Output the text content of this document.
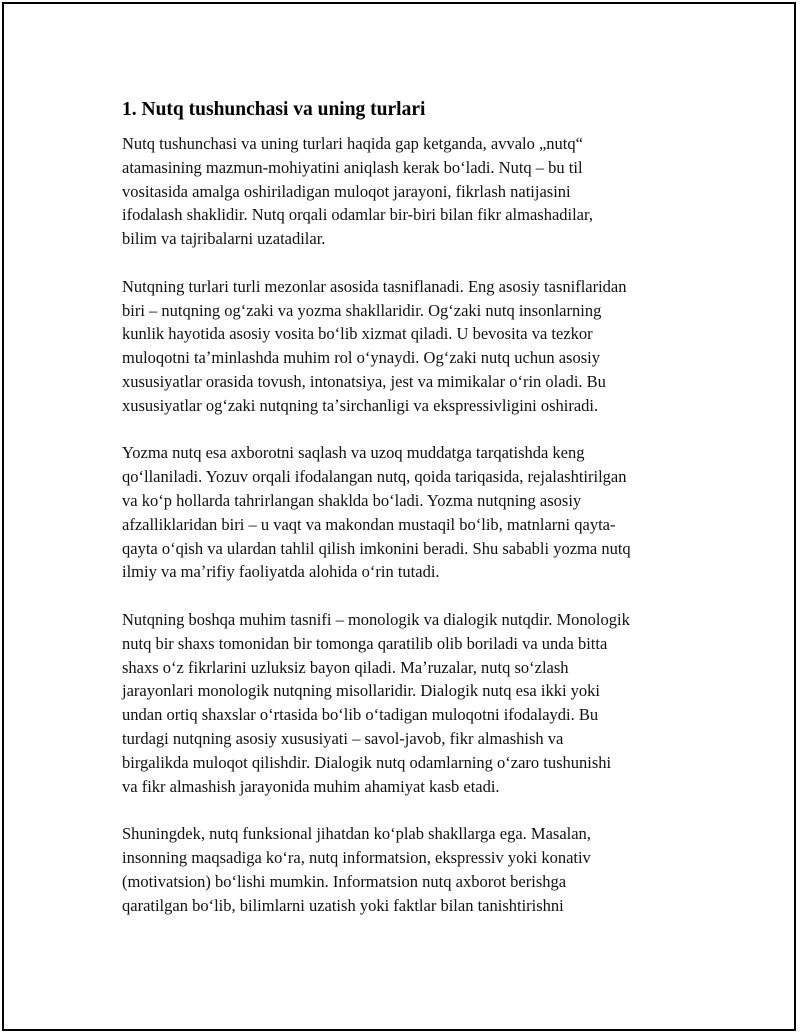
1. Nutq tushunchasi va uning turlari
Nutq tushunchasi va uning turlari haqida gap ketganda, avvalo „nutq“
atamasining mazmun-mohiyatini aniqlash kerak boʻladi. Nutq – bu til
vositasida amalga oshiriladigan muloqot jarayoni, fikrlash natijasini
ifodalash shaklidir. Nutq orqali odamlar bir-biri bilan fikr almashadilar,
bilim va tajribalarni uzatadilar.
Nutqning turlari turli mezonlar asosida tasniflanadi. Eng asosiy tasniflaridan
biri – nutqning ogʻzaki va yozma shakllaridir. Ogʻzaki nutq insonlarning
kunlik hayotida asosiy vosita boʻlib xizmat qiladi. U bevosita va tezkor
muloqotni taʼminlashda muhim rol oʻynaydi. Ogʻzaki nutq uchun asosiy
xususiyatlar orasida tovush, intonatsiya, jest va mimikalar oʻrin oladi. Bu
xususiyatlar ogʻzaki nutqning taʼsirchanligi va ekspressivligini oshiradi.
Yozma nutq esa axborotni saqlash va uzoq muddatga tarqatishda keng
qoʻllaniladi. Yozuv orqali ifodalangan nutq, qoida tariqasida, rejalashtirilgan
va koʻp hollarda tahrirlangan shaklda boʻladi. Yozma nutqning asosiy
afzalliklaridan biri – u vaqt va makondan mustaqil boʻlib, matnlarni qayta-
qayta oʻqish va ulardan tahlil qilish imkonini beradi. Shu sababli yozma nutq
ilmiy va maʼrifiy faoliyatda alohida oʻrin tutadi.
Nutqning boshqa muhim tasnifi – monologik va dialogik nutqdir. Monologik
nutq bir shaxs tomonidan bir tomonga qaratilib olib boriladi va unda bitta
shaxs oʻz fikrlarini uzluksiz bayon qiladi. Maʼruzalar, nutq soʻzlash
jarayonlari monologik nutqning misollaridir. Dialogik nutq esa ikki yoki
undan ortiq shaxslar oʻrtasida boʻlib oʻtadigan muloqotni ifodalaydi. Bu
turdagi nutqning asosiy xususiyati – savol-javob, fikr almashish va
birgalikda muloqot qilishdir. Dialogik nutq odamlarning oʻzaro tushunishi
va fikr almashish jarayonida muhim ahamiyat kasb etadi.
Shuningdek, nutq funksional jihatdan koʻplab shakllarga ega. Masalan,
insonning maqsadiga koʻra, nutq informatsion, ekspressiv yoki konativ
(motivatsion) boʻlishi mumkin. Informatsion nutq axborot berishga
qaratilgan boʻlib, bilimlarni uzatish yoki faktlar bilan tanishtirishni
